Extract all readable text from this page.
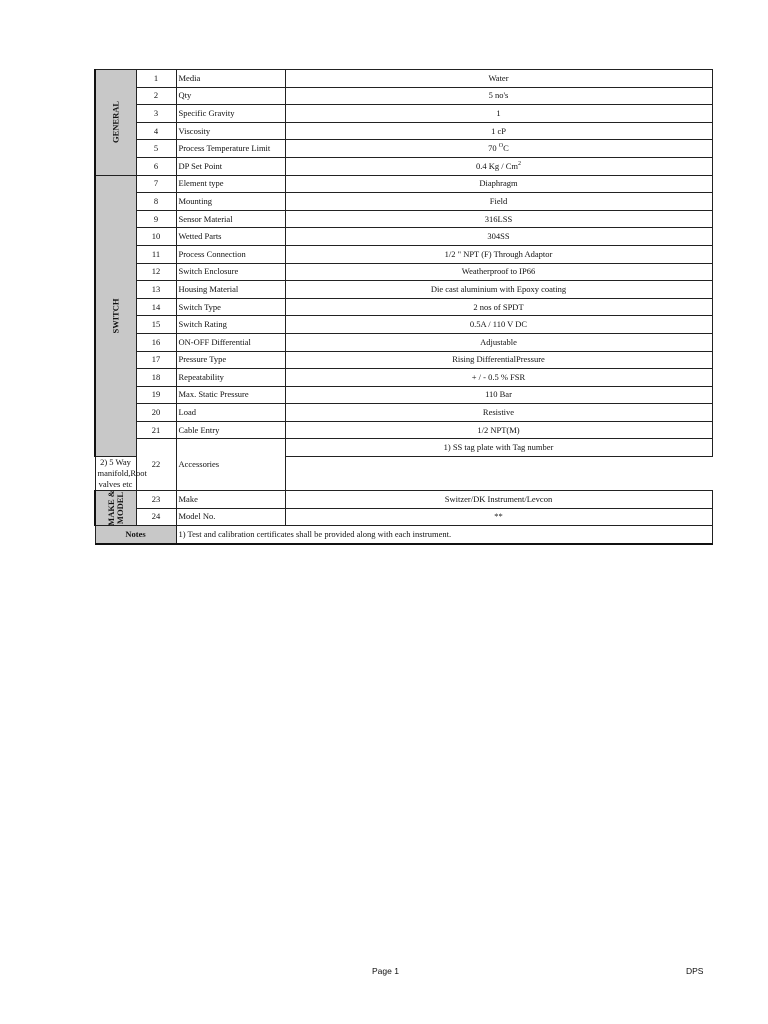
GENERAL	1	Media	Water
	2	Qty	5 no's
	3	Specific Gravity	1
	4	Viscosity	1 cP
	5	Process Temperature Limit	70 $^O$C
	6	DP Set Point	0.4 Kg / Cm$^2$

SWITCH	7	Element type	Diaphragm
	8	Mounting	Field
	9	Sensor Material	316LSS
	10	Wetted Parts	304SS
	11	Process Connection	1/2 " NPT (F) Through Adaptor
	12	Switch Enclosure	Weatherproof to IP66
	13	Housing Material	Die cast aluminium with Epoxy coating
	14	Switch Type	2 nos of SPDT
	15	Switch Rating	0.5A / 110 V DC
	16	ON-OFF Differential	Adjustable
	17	Pressure Type	Rising DifferentialPressure
	18	Repeatability	+ / - 0.5 % FSR
	19	Max. Static Pressure	110 Bar
	20	Load	Resistive
	21	Cable Entry	1/2 NPT(M)
	22	Accessories	1) SS tag plate with Tag number
2) 5 Way manifold,Root valves etc			

MAKE &
MODEL	23	Make	Switzer/DK Instrument/Levcon
	24	Model No.	**
Notes		1) Test and calibration certificates shall be provided along with each instrument.	
Page 1	DPS
